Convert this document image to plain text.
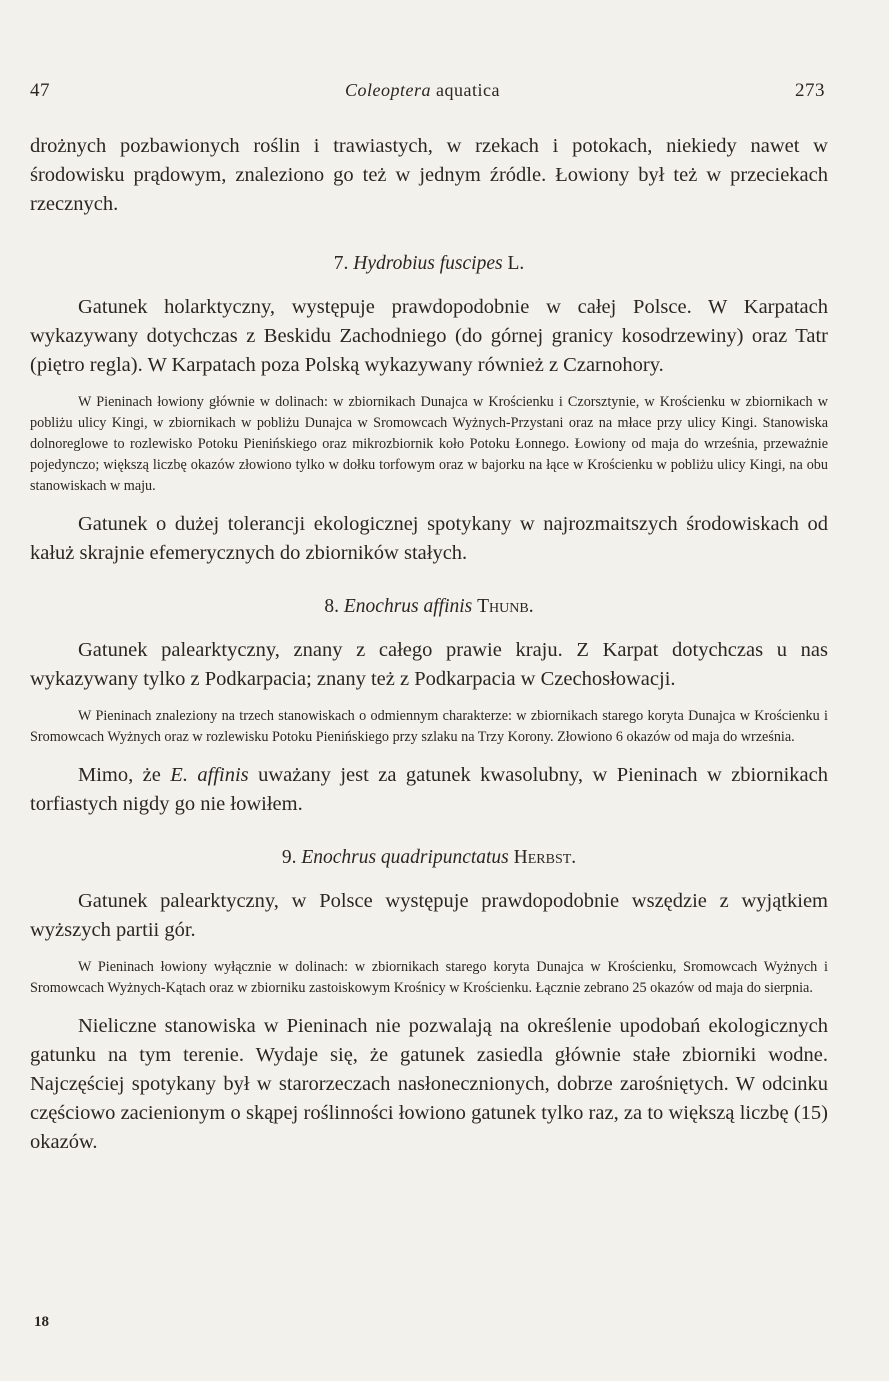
47	Coleoptera aquatica	273

drożnych pozbawionych roślin i trawiastych, w rzekach i potokach, niekiedy nawet w środowisku prądowym, znaleziono go też w jednym źródle. Łowiony był też w przeciekach rzecznych.

7. Hydrobius fuscipes L.

Gatunek holarktyczny, występuje prawdopodobnie w całej Polsce. W Karpatach wykazywany dotychczas z Beskidu Zachodniego (do górnej granicy kosodrzewiny) oraz Tatr (piętro regla). W Karpatach poza Polską wykazywany również z Czarnohory.

W Pieninach łowiony głównie w dolinach: w zbiornikach Dunajca w Krościenku i Czorsztynie, w Krościenku w zbiornikach w pobliżu ulicy Kingi, w zbiornikach w pobliżu Dunajca w Sromowcach Wyżnych-Przystani oraz na młace przy ulicy Kingi. Stanowiska dolnoreglowe to rozlewisko Potoku Pienińskiego oraz mikrozbiornik koło Potoku Łonnego. Łowiony od maja do września, przeważnie pojedynczo; większą liczbę okazów złowiono tylko w dołku torfowym oraz w bajorku na łące w Krościenku w pobliżu ulicy Kingi, na obu stanowiskach w maju.

Gatunek o dużej tolerancji ekologicznej spotykany w najrozmaitszych środowiskach od kałuż skrajnie efemerycznych do zbiorników stałych.

8. Enochrus affinis Thunb.

Gatunek palearktyczny, znany z całego prawie kraju. Z Karpat dotychczas u nas wykazywany tylko z Podkarpacia; znany też z Podkarpacia w Czechosłowacji.

W Pieninach znaleziony na trzech stanowiskach o odmiennym charakterze: w zbiornikach starego koryta Dunajca w Krościenku i Sromowcach Wyżnych oraz w rozlewisku Potoku Pienińskiego przy szlaku na Trzy Korony. Złowiono 6 okazów od maja do września.

Mimo, że E. affinis uważany jest za gatunek kwasolubny, w Pieninach w zbiornikach torfiastych nigdy go nie łowiłem.

9. Enochrus quadripunctatus Herbst.

Gatunek palearktyczny, w Polsce występuje prawdopodobnie wszędzie z wyjątkiem wyższych partii gór.

W Pieninach łowiony wyłącznie w dolinach: w zbiornikach starego koryta Dunajca w Krościenku, Sromowcach Wyżnych i Sromowcach Wyżnych-Kątach oraz w zbiorniku zastoiskowym Krośnicy w Krościenku. Łącznie zebrano 25 okazów od maja do sierpnia.

Nieliczne stanowiska w Pieninach nie pozwalają na określenie upodobań ekologicznych gatunku na tym terenie. Wydaje się, że gatunek zasiedla głównie stałe zbiorniki wodne. Najczęściej spotykany był w starorzeczach nasłonecznionych, dobrze zarośniętych. W odcinku częściowo zacienionym o skąpej roślinności łowiono gatunek tylko raz, za to większą liczbę (15) okazów.

18
